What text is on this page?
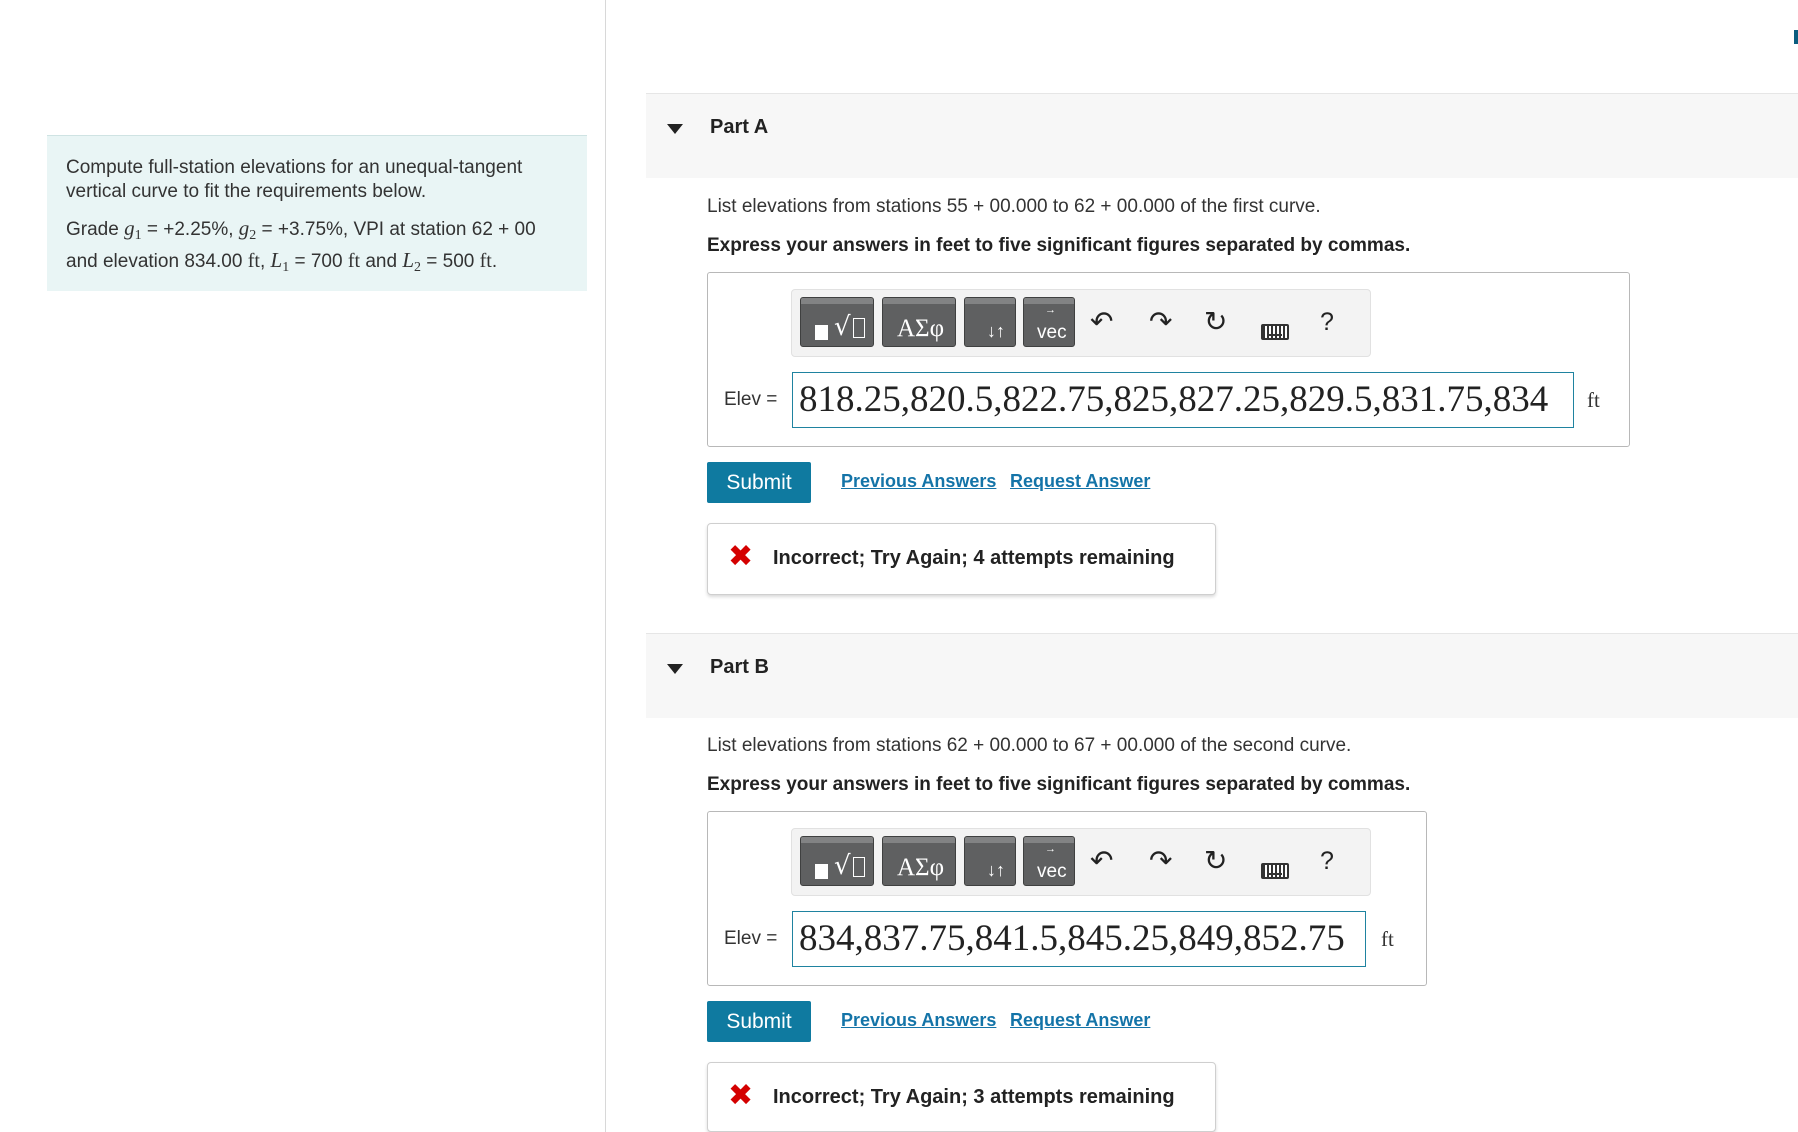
Compute full-station elevations for an unequal-tangent vertical curve to fit the requirements below.

Grade $g_1 = +2.25\%$, $g_2 = +3.75\%$, VPI at station 62 + 00
and elevation 834.00 ft, $L_1 = 700$ ft and $L_2 = 500$ ft.

Part A
List elevations from stations 55 + 00.000 to 62 + 00.000 of the first curve.
Express your answers in feet to five significant figures separated by commas.
√ ΑΣφ ↓↑
→
vec ↶ ↷ ↻	?
Elev = 818.25,820.5,822.75,825,827.25,829.5,831.75,834	ft
Submit	Previous Answers Request Answer
✖ Incorrect; Try Again; 4 attempts remaining
Part B
List elevations from stations 62 + 00.000 to 67 + 00.000 of the second curve.
Express your answers in feet to five significant figures separated by commas.
√ ΑΣφ ↓↑
→
vec ↶ ↷ ↻	?
Elev = 834,837.75,841.5,845.25,849,852.75	ft
Submit	Previous Answers Request Answer
✖ Incorrect; Try Again; 3 attempts remaining
